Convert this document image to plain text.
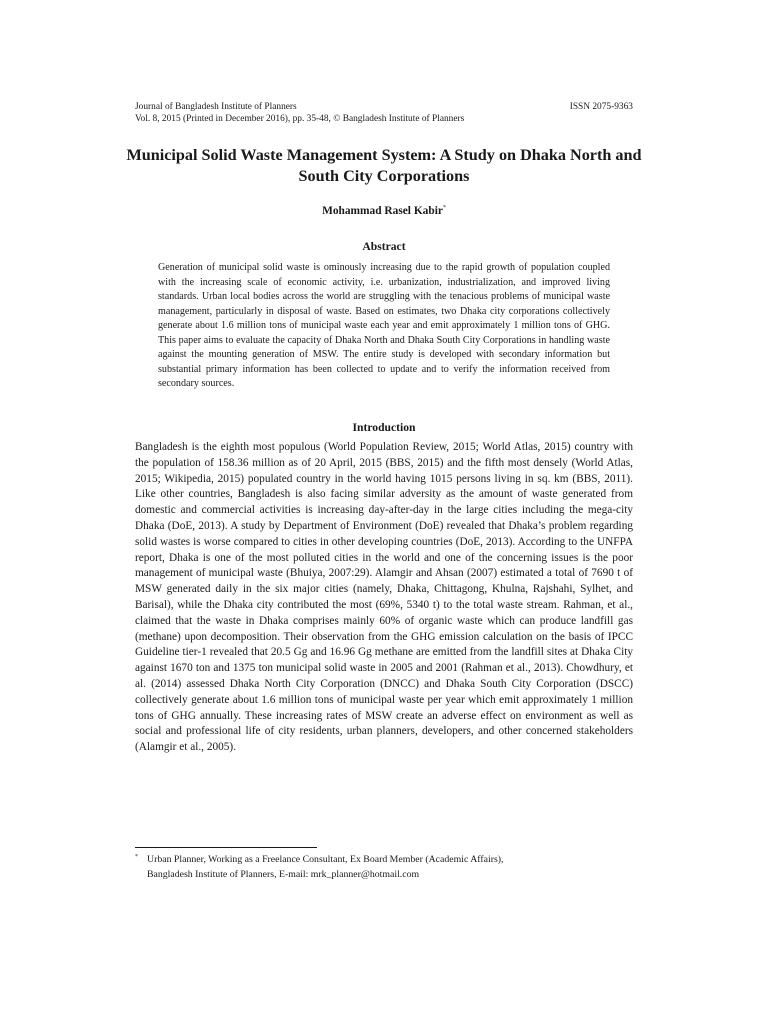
Journal of Bangladesh Institute of Planners	ISSN 2075-9363
Vol. 8, 2015 (Printed in December 2016), pp. 35-48, © Bangladesh Institute of Planners
Municipal Solid Waste Management System: A Study on Dhaka North and South City Corporations
Mohammad Rasel Kabir*
Abstract
Generation of municipal solid waste is ominously increasing due to the rapid growth of population coupled with the increasing scale of economic activity, i.e. urbanization, industrialization, and improved living standards. Urban local bodies across the world are struggling with the tenacious problems of municipal waste management, particularly in disposal of waste. Based on estimates, two Dhaka city corporations collectively generate about 1.6 million tons of municipal waste each year and emit approximately 1 million tons of GHG. This paper aims to evaluate the capacity of Dhaka North and Dhaka South City Corporations in handling waste against the mounting generation of MSW. The entire study is developed with secondary information but substantial primary information has been collected to update and to verify the information received from secondary sources.
Introduction
Bangladesh is the eighth most populous (World Population Review, 2015; World Atlas, 2015) country with the population of 158.36 million as of 20 April, 2015 (BBS, 2015) and the fifth most densely (World Atlas, 2015; Wikipedia, 2015) populated country in the world having 1015 persons living in sq. km (BBS, 2011). Like other countries, Bangladesh is also facing similar adversity as the amount of waste generated from domestic and commercial activities is increasing day-after-day in the large cities including the mega-city Dhaka (DoE, 2013). A study by Department of Environment (DoE) revealed that Dhaka’s problem regarding solid wastes is worse compared to cities in other developing countries (DoE, 2013). According to the UNFPA report, Dhaka is one of the most polluted cities in the world and one of the concerning issues is the poor management of municipal waste (Bhuiya, 2007:29). Alamgir and Ahsan (2007) estimated a total of 7690 t of MSW generated daily in the six major cities (namely, Dhaka, Chittagong, Khulna, Rajshahi, Sylhet, and Barisal), while the Dhaka city contributed the most (69%, 5340 t) to the total waste stream. Rahman, et al., claimed that the waste in Dhaka comprises mainly 60% of organic waste which can produce landfill gas (methane) upon decomposition. Their observation from the GHG emission calculation on the basis of IPCC Guideline tier-1 revealed that 20.5 Gg and 16.96 Gg methane are emitted from the landfill sites at Dhaka City against 1670 ton and 1375 ton municipal solid waste in 2005 and 2001 (Rahman et al., 2013). Chowdhury, et al. (2014) assessed Dhaka North City Corporation (DNCC) and Dhaka South City Corporation (DSCC) collectively generate about 1.6 million tons of municipal waste per year which emit approximately 1 million tons of GHG annually. These increasing rates of MSW create an adverse effect on environment as well as social and professional life of city residents, urban planners, developers, and other concerned stakeholders (Alamgir et al., 2005).
* Urban Planner, Working as a Freelance Consultant, Ex Board Member (Academic Affairs),
Bangladesh Institute of Planners, E-mail: mrk_planner@hotmail.com
